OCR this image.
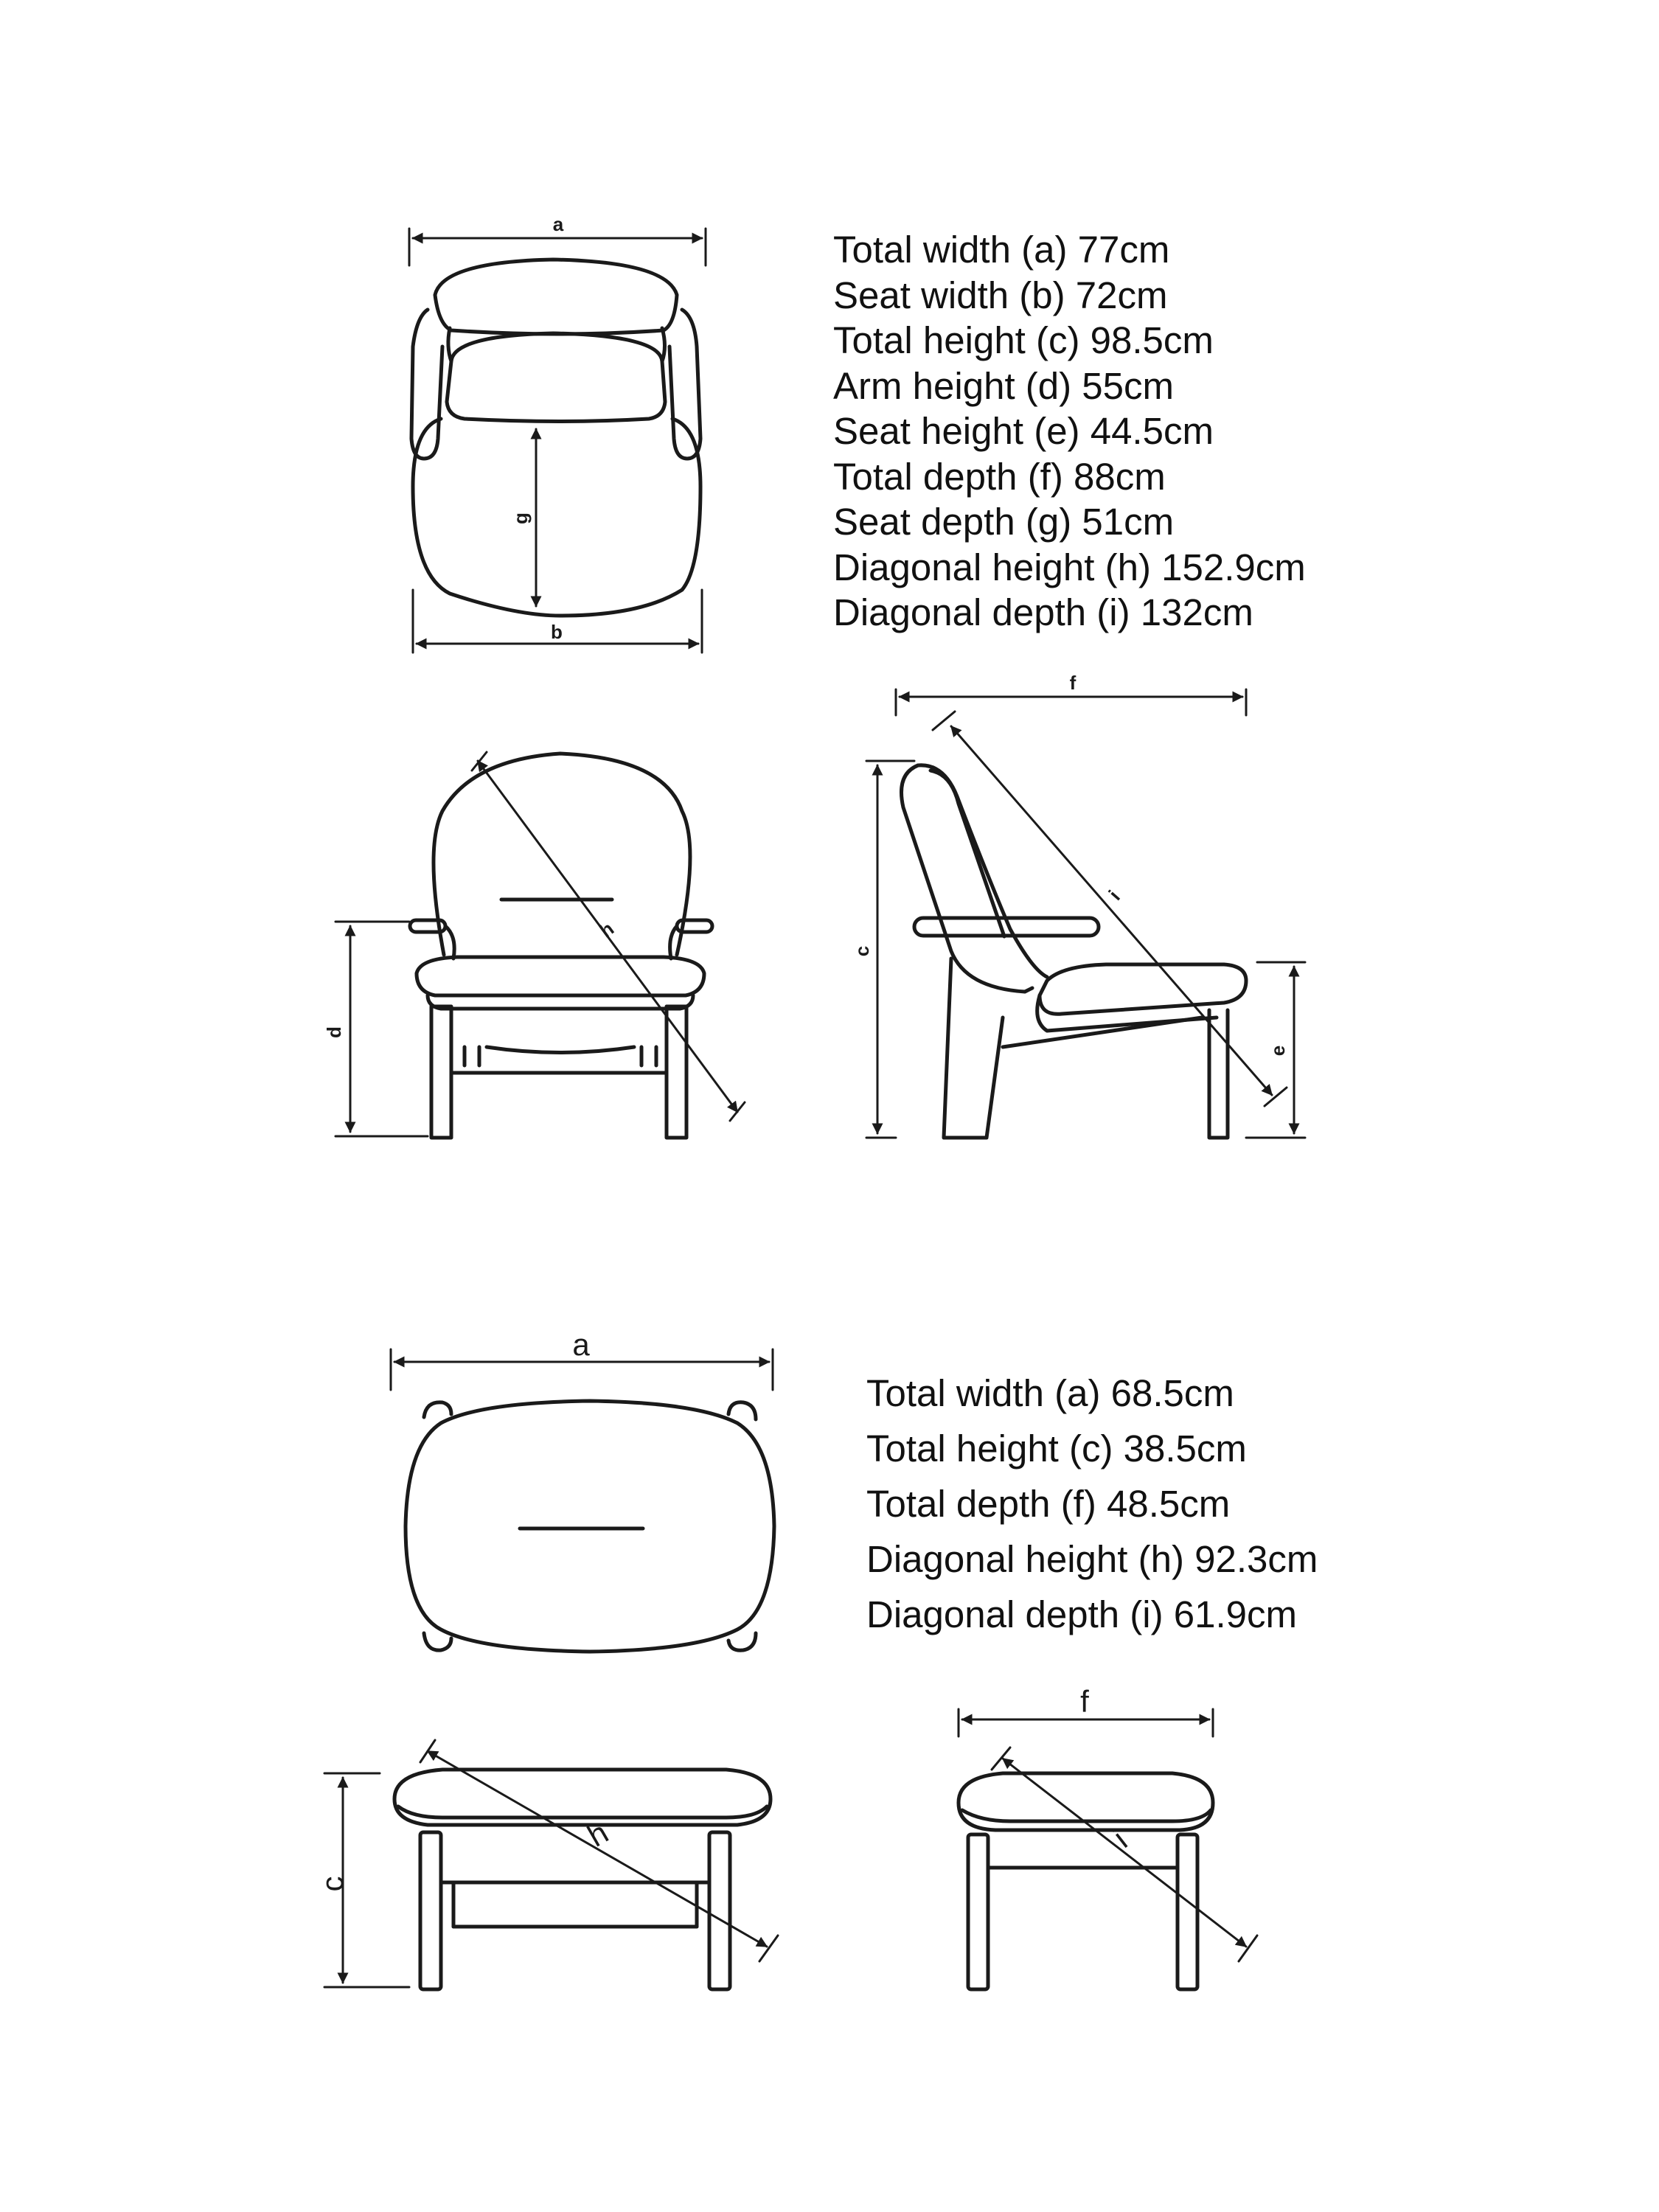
a
g
b
d
h
c
f
e
i
a
c
h
f
i
Total width (a) 77cm
Seat width (b) 72cm
Total height (c) 98.5cm
Arm height (d) 55cm
Seat height (e) 44.5cm
Total depth (f) 88cm
Seat depth (g) 51cm
Diagonal height (h) 152.9cm
Diagonal depth (i) 132cm
Total width (a) 68.5cm
Total height (c) 38.5cm
Total depth (f) 48.5cm
Diagonal height (h) 92.3cm
Diagonal depth (i) 61.9cm
